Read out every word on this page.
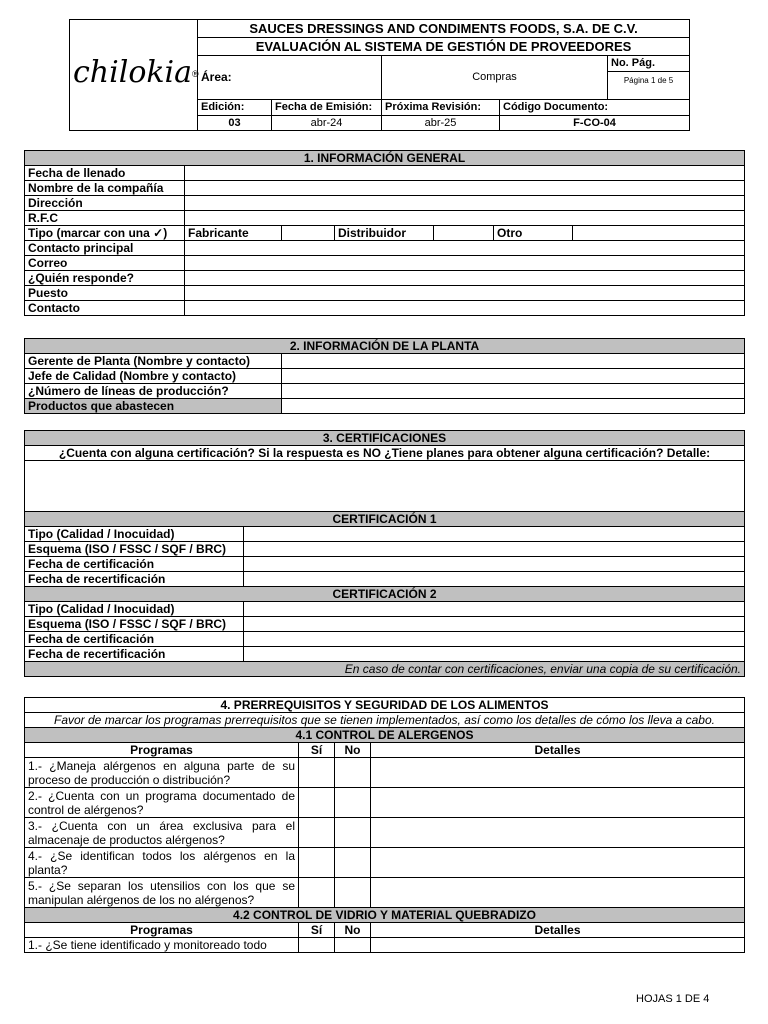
chilokia®	SAUCES DRESSINGS AND CONDIMENTS FOODS, S.A. DE C.V.				
	EVALUACIÓN AL SISTEMA DE GESTIÓN DE PROVEEDORES				
	Área:		Compras		No. Pág.
Página 1 de 5

	Edición:	Fecha de Emisión:	Próxima Revisión:	Código Documento:	
	03	abr-24	abr-25	F-CO-04	
1. INFORMACIÓN GENERAL						
Fecha de llenado						
Nombre de la compañía						
Dirección						
R.F.C						
Tipo (marcar con una ✓)	Fabricante		Distribuidor		Otro	
Contacto principal						
Correo						
¿Quién responde?						
Puesto						
Contacto						
2. INFORMACIÓN DE LA PLANTA	
Gerente de Planta (Nombre y contacto)	
Jefe de Calidad (Nombre y contacto)	
¿Número de líneas de producción?	
Productos que abastecen	
3. CERTIFICACIONES	
¿Cuenta con alguna certificación? Si la respuesta es NO ¿Tiene planes para obtener alguna certificación? Detalle:	

CERTIFICACIÓN 1	
Tipo (Calidad / Inocuidad)	
Esquema (ISO / FSSC / SQF / BRC)	
Fecha de certificación	
Fecha de recertificación	
CERTIFICACIÓN 2	
Tipo (Calidad / Inocuidad)	
Esquema (ISO / FSSC / SQF / BRC)	
Fecha de certificación	
Fecha de recertificación	
En caso de contar con certificaciones, enviar una copia de su certificación.	
4. PRERREQUISITOS Y SEGURIDAD DE LOS ALIMENTOS			
Favor de marcar los programas prerrequisitos que se tienen implementados, así como los detalles de cómo los lleva a cabo.			
4.1 CONTROL DE ALERGENOS			
Programas	Sí	No	Detalles
1.- ¿Maneja alérgenos en alguna parte de su proceso de producción o distribución?			
2.- ¿Cuenta con un programa documentado de control de alérgenos?			
3.- ¿Cuenta con un área exclusiva para el almacenaje de productos alérgenos?			
4.- ¿Se identifican todos los alérgenos en la planta?			
5.- ¿Se separan los utensilios con los que se manipulan alérgenos de los no alérgenos?			
4.2 CONTROL DE VIDRIO Y MATERIAL QUEBRADIZO			
Programas	Sí	No	Detalles
1.- ¿Se tiene identificado y monitoreado todo			
HOJAS 1 DE 4
